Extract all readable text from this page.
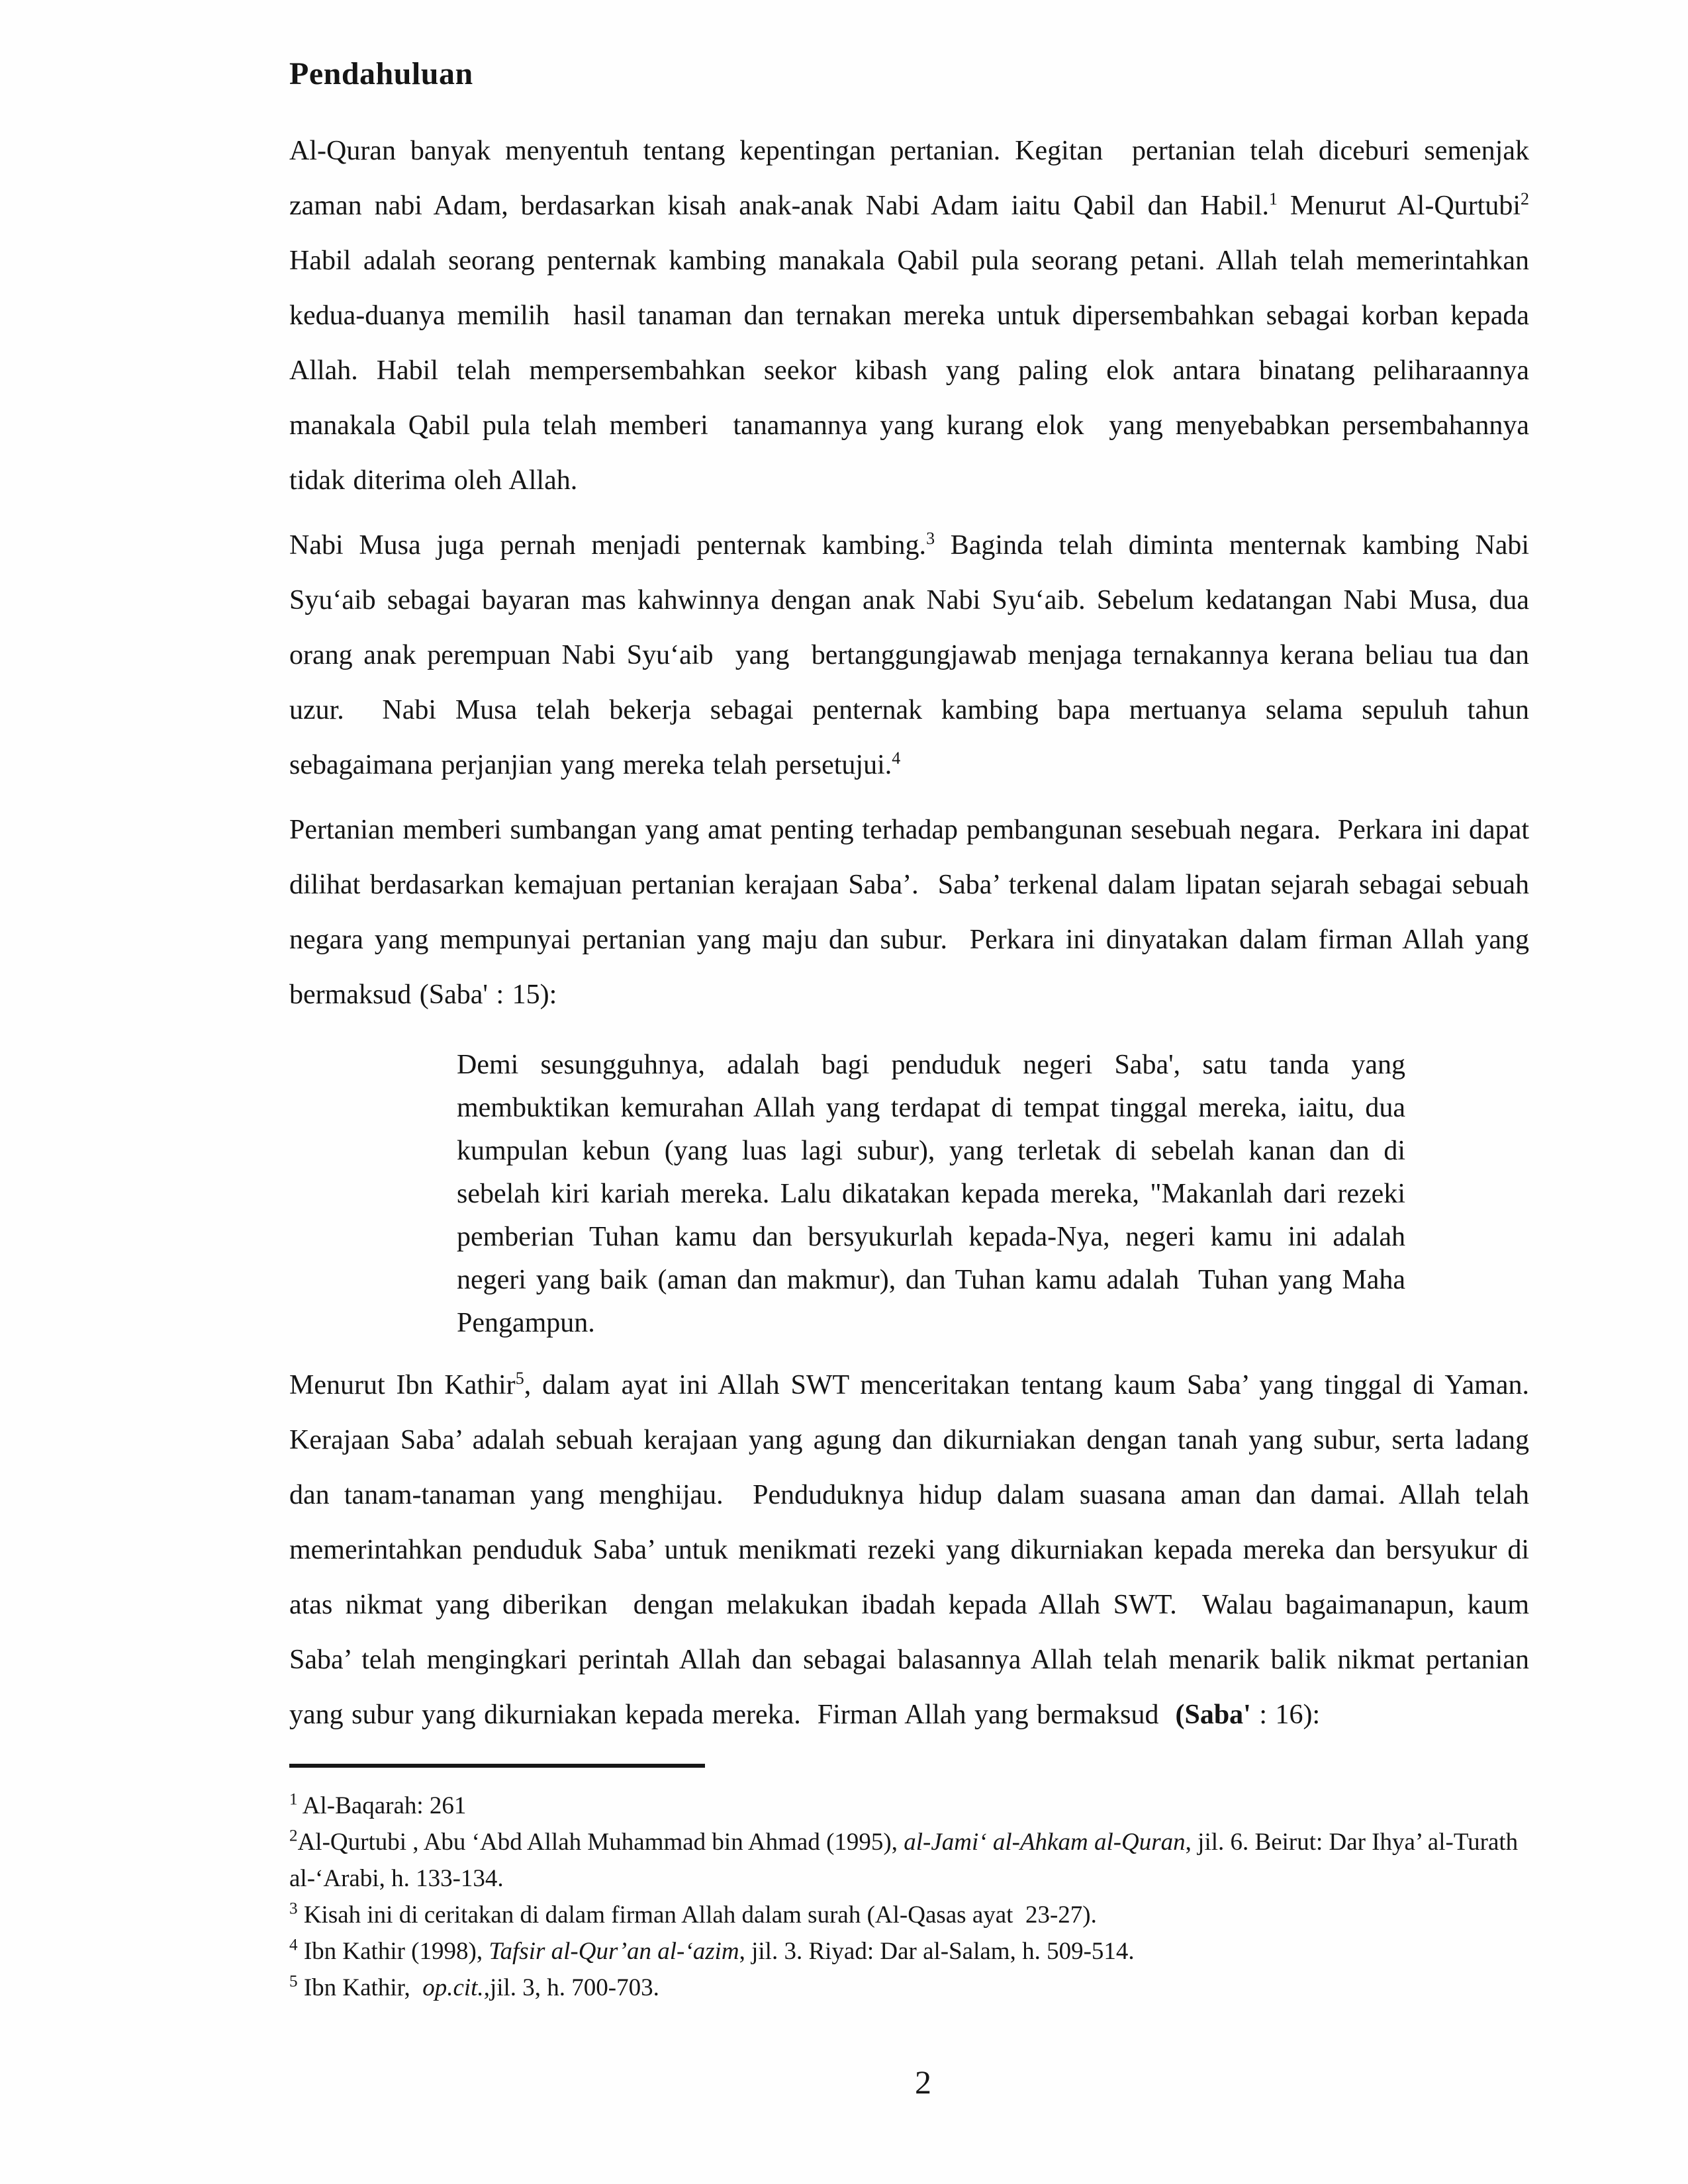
Pendahuluan

Al-Quran banyak menyentuh tentang kepentingan pertanian. Kegitan  pertanian telah diceburi semenjak zaman nabi Adam, berdasarkan kisah anak-anak Nabi Adam iaitu Qabil dan Habil.$^1$ Menurut Al-Qurtubi$^2$ Habil adalah seorang penternak kambing manakala Qabil pula seorang petani. Allah telah memerintahkan kedua-duanya memilih  hasil tanaman dan ternakan mereka untuk dipersembahkan sebagai korban kepada Allah. Habil telah mempersembahkan seekor kibash yang paling elok antara binatang peliharaannya manakala Qabil pula telah memberi  tanamannya yang kurang elok  yang menyebabkan persembahannya tidak diterima oleh Allah.

Nabi Musa juga pernah menjadi penternak kambing.$^3$ Baginda telah diminta menternak kambing Nabi Syu‘aib sebagai bayaran mas kahwinnya dengan anak Nabi Syu‘aib. Sebelum kedatangan Nabi Musa, dua orang anak perempuan Nabi Syu‘aib  yang  bertanggungjawab menjaga ternakannya kerana beliau tua dan uzur.  Nabi Musa telah bekerja sebagai penternak kambing bapa mertuanya selama sepuluh tahun sebagaimana perjanjian yang mereka telah persetujui.$^4$

Pertanian memberi sumbangan yang amat penting terhadap pembangunan sesebuah negara.  Perkara ini dapat dilihat berdasarkan kemajuan pertanian kerajaan Saba’.  Saba’ terkenal dalam lipatan sejarah sebagai sebuah negara yang mempunyai pertanian yang maju dan subur.  Perkara ini dinyatakan dalam firman Allah yang bermaksud (Saba' : 15):

Demi sesungguhnya, adalah bagi penduduk negeri Saba', satu tanda yang membuktikan kemurahan Allah yang terdapat di tempat tinggal mereka, iaitu, dua kumpulan kebun (yang luas lagi subur), yang terletak di sebelah kanan dan di sebelah kiri kariah mereka. Lalu dikatakan kepada mereka, "Makanlah dari rezeki pemberian Tuhan kamu dan bersyukurlah kepada-Nya, negeri kamu ini adalah negeri yang baik (aman dan makmur), dan Tuhan kamu adalah  Tuhan yang Maha Pengampun.

Menurut Ibn Kathir$^5$, dalam ayat ini Allah SWT menceritakan tentang kaum Saba’ yang tinggal di Yaman. Kerajaan Saba’ adalah sebuah kerajaan yang agung dan dikurniakan dengan tanah yang subur, serta ladang dan tanam-tanaman yang menghijau.  Penduduknya hidup dalam suasana aman dan damai. Allah telah memerintahkan penduduk Saba’ untuk menikmati rezeki yang dikurniakan kepada mereka dan bersyukur di atas nikmat yang diberikan  dengan melakukan ibadah kepada Allah SWT.  Walau bagaimanapun, kaum Saba’ telah mengingkari perintah Allah dan sebagai balasannya Allah telah menarik balik nikmat pertanian yang subur yang dikurniakan kepada mereka.  Firman Allah yang bermaksud  (Saba' : 16):

$^1$ Al-Baqarah: 261
$^2$Al-Qurtubi , Abu ‘Abd Allah Muhammad bin Ahmad (1995), al-Jami‘ al-Ahkam al-Quran, jil. 6. Beirut: Dar Ihya’ al-Turath al-‘Arabi, h. 133-134.
$^3$ Kisah ini di ceritakan di dalam firman Allah dalam surah (Al-Qasas ayat  23-27).
$^4$ Ibn Kathir (1998), Tafsir al-Qur’an al-‘azim, jil. 3. Riyad: Dar al-Salam, h. 509-514.
$^5$ Ibn Kathir,  op.cit.,jil. 3, h. 700-703.
2
